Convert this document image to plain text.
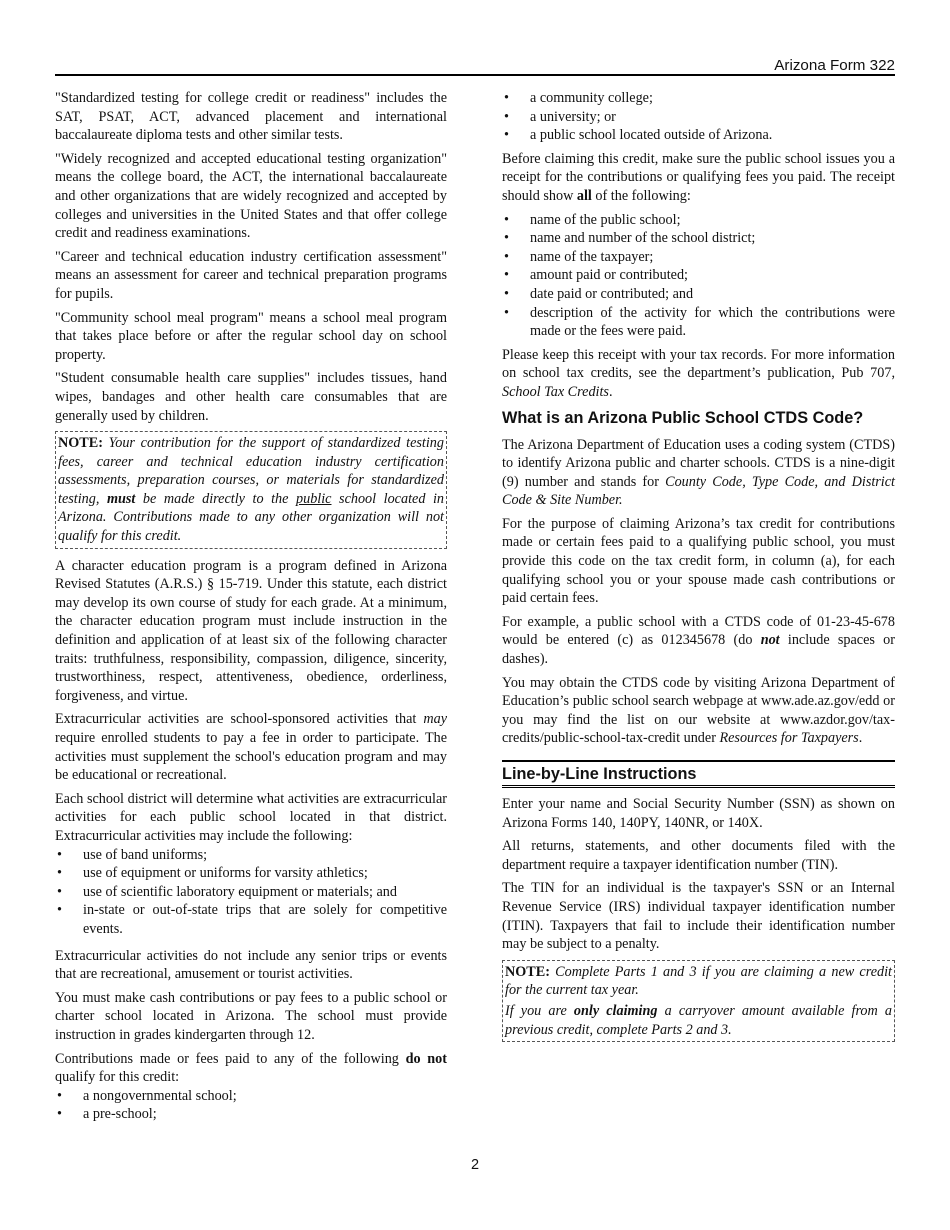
Arizona Form 322

"Standardized testing for college credit or readiness" includes the SAT, PSAT, ACT, advanced placement and international baccalaureate diploma tests and other similar tests.

"Widely recognized and accepted educational testing organization" means the college board, the ACT, the international baccalaureate and other organizations that are widely recognized and accepted by colleges and universities in the United States and that offer college credit and readiness examinations.

"Career and technical education industry certification assessment" means an assessment for career and technical preparation programs for pupils.

"Community school meal program" means a school meal program that takes place before or after the regular school day on school property.

"Student consumable health care supplies" includes tissues, hand wipes, bandages and other health care consumables that are generally used by children.

NOTE: Your contribution for the support of standardized testing fees, career and technical education industry certification assessments, preparation courses, or materials for standardized testing, must be made directly to the public school located in Arizona. Contributions made to any other organization will not qualify for this credit.

A character education program is a program defined in Arizona Revised Statutes (A.R.S.) § 15-719. Under this statute, each district may develop its own course of study for each grade. At a minimum, the character education program must include instruction in the definition and application of at least six of the following character traits: truthfulness, responsibility, compassion, diligence, sincerity, trustworthiness, respect, attentiveness, obedience, orderliness, forgiveness, and virtue.

Extracurricular activities are school-sponsored activities that may require enrolled students to pay a fee in order to participate. The activities must supplement the school's education program and may be educational or recreational.

Each school district will determine what activities are extracurricular activities for each public school located in that district. Extracurricular activities may include the following:

• use of band uniforms;
• use of equipment or uniforms for varsity athletics;
• use of scientific laboratory equipment or materials; and
• in-state or out-of-state trips that are solely for competitive events.

Extracurricular activities do not include any senior trips or events that are recreational, amusement or tourist activities.

You must make cash contributions or pay fees to a public school or charter school located in Arizona. The school must provide instruction in grades kindergarten through 12.

Contributions made or fees paid to any of the following do not qualify for this credit:

• a nongovernmental school;
• a pre-school;
• a community college;
• a university; or
• a public school located outside of Arizona.

Before claiming this credit, make sure the public school issues you a receipt for the contributions or qualifying fees you paid. The receipt should show all of the following:

• name of the public school;
• name and number of the school district;
• name of the taxpayer;
• amount paid or contributed;
• date paid or contributed; and
• description of the activity for which the contributions were made or the fees were paid.

Please keep this receipt with your tax records. For more information on school tax credits, see the department’s publication, Pub 707, School Tax Credits.

What is an Arizona Public School CTDS Code?

The Arizona Department of Education uses a coding system (CTDS) to identify Arizona public and charter schools. CTDS is a nine-digit (9) number and stands for County Code, Type Code, and District Code & Site Number.

For the purpose of claiming Arizona’s tax credit for contributions made or certain fees paid to a qualifying public school, you must provide this code on the tax credit form, in column (a), for each qualifying school you or your spouse made cash contributions or paid certain fees.

For example, a public school with a CTDS code of 01-23-45-678 would be entered (c) as 012345678 (do not include spaces or dashes).

You may obtain the CTDS code by visiting Arizona Department of Education’s public school search webpage at www.ade.az.gov/edd or you may find the list on our website at www.azdor.gov/tax-credits/public-school-tax-credit under Resources for Taxpayers.

Line-by-Line Instructions

Enter your name and Social Security Number (SSN) as shown on Arizona Forms 140, 140PY, 140NR, or 140X.

All returns, statements, and other documents filed with the department require a taxpayer identification number (TIN).

The TIN for an individual is the taxpayer's SSN or an Internal Revenue Service (IRS) individual taxpayer identification number (ITIN). Taxpayers that fail to include their identification number may be subject to a penalty.

NOTE: Complete Parts 1 and 3 if you are claiming a new credit for the current tax year.

If you are only claiming a carryover amount available from a previous credit, complete Parts 2 and 3.

2
